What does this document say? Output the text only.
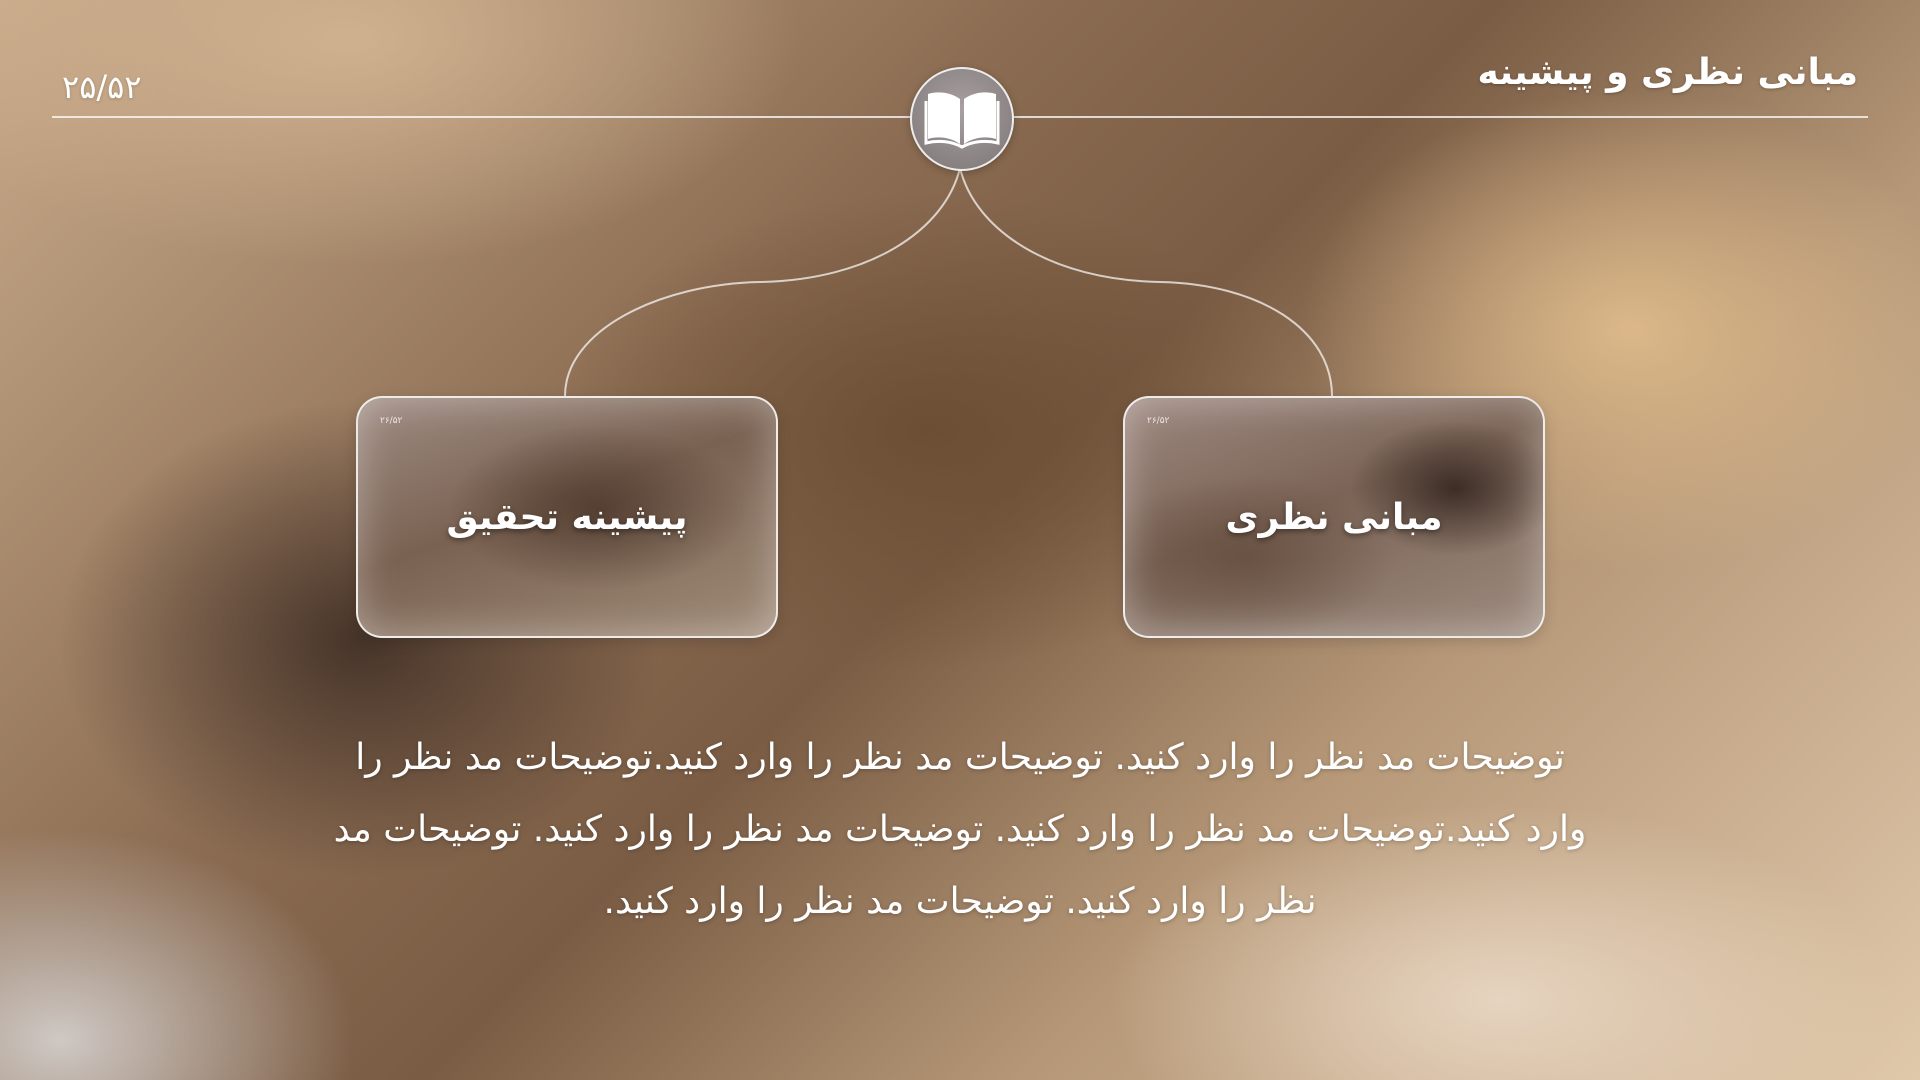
مبانی نظری و پیشینه
۲۵/۵۲
۲۶/۵۲
پیشینه تحقیق
۲۶/۵۲
مبانی نظری
توضیحات مد نظر را وارد کنید. توضیحات مد نظر را وارد کنید.توضیحات مد نظر را وارد کنید.توضیحات مد نظر را وارد کنید. توضیحات مد نظر را وارد کنید. توضیحات مد نظر را وارد کنید. توضیحات مد نظر را وارد کنید.
